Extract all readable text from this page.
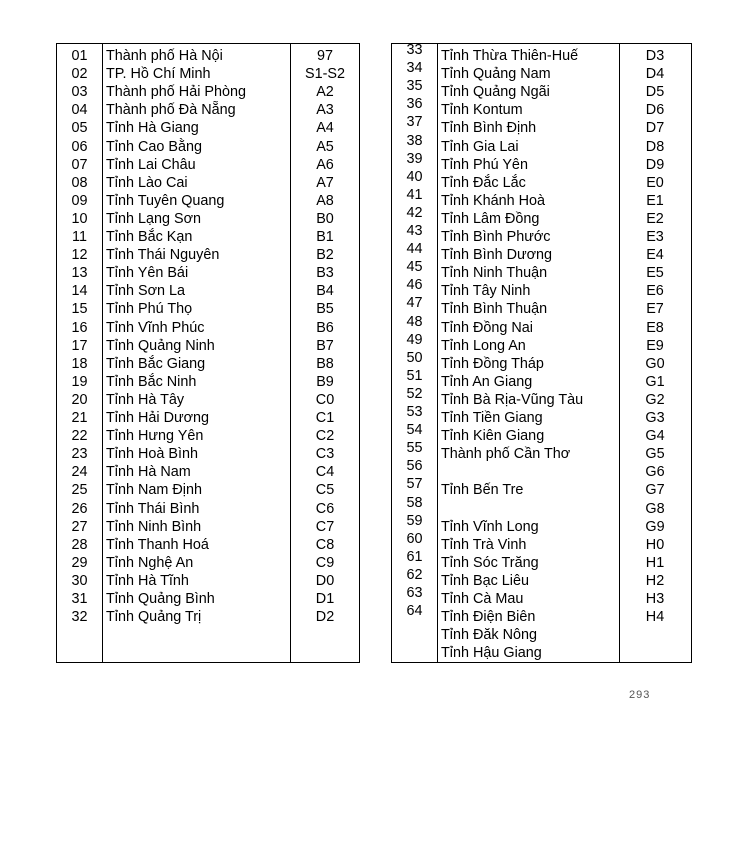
01
02
03
04
05
06
07
08
09
10
11
12
13
14
15
16
17
18
19
20
21
22
23
24
25
26
27
28
29
30
31
32
Thành phố Hà Nội
TP. Hồ Chí Minh
Thành phố Hải Phòng
Thành phố Đà Nẵng
Tỉnh Hà Giang
Tỉnh Cao Bằng
Tỉnh Lai Châu
Tỉnh Lào Cai
Tỉnh Tuyên Quang
Tỉnh Lạng Sơn
Tỉnh Bắc Kạn
Tỉnh Thái Nguyên
Tỉnh Yên Bái
Tỉnh Sơn La
Tỉnh Phú Thọ
Tỉnh Vĩnh Phúc
Tỉnh Quảng Ninh
Tỉnh Bắc Giang
Tỉnh Bắc Ninh
Tỉnh Hà Tây
Tỉnh Hải Dương
Tỉnh Hưng Yên
Tỉnh Hoà Bình
Tỉnh Hà Nam
Tỉnh Nam Định
Tỉnh Thái Bình
Tỉnh Ninh Bình
Tỉnh Thanh Hoá
Tỉnh Nghệ An
Tỉnh Hà Tĩnh
Tỉnh Quảng Bình
Tỉnh Quảng Trị
97
S1-S2
A2
A3
A4
A5
A6
A7
A8
B0
B1
B2
B3
B4
B5
B6
B7
B8
B9
C0
C1
C2
C3
C4
C5
C6
C7
C8
C9
D0
D1
D2
33
34
35
36
37
38
39
40
41
42
43
44
45
46
47
48
49
50
51
52
53
54
55
56
57
58
59
60
61
62
63
64
Tỉnh Thừa Thiên-Huế
Tỉnh Quảng Nam
Tỉnh Quảng Ngãi
Tỉnh Kontum
Tỉnh Bình Định
Tỉnh Gia Lai
Tỉnh Phú Yên
Tỉnh Đắc Lắc
Tỉnh Khánh Hoà
Tỉnh Lâm Đồng
Tỉnh Bình Phước
Tỉnh Bình Dương
Tỉnh Ninh Thuận
Tỉnh Tây Ninh
Tỉnh Bình Thuận
Tỉnh Đồng Nai
Tỉnh Long An
Tỉnh Đồng Tháp
Tỉnh An Giang
Tỉnh Bà Rịa-Vũng Tàu
Tỉnh Tiền Giang
Tỉnh Kiên Giang
Thành phố Cần Thơ
Tỉnh Bến Tre
Tỉnh Vĩnh Long
Tỉnh Trà Vinh
Tỉnh Sóc Trăng
Tỉnh Bạc Liêu
Tỉnh Cà Mau
Tỉnh Điện Biên
Tỉnh Đăk Nông
Tỉnh Hậu Giang
D3
D4
D5
D6
D7
D8
D9
E0
E1
E2
E3
E4
E5
E6
E7
E8
E9
G0
G1
G2
G3
G4
G5
G6
G7
G8
G9
H0
H1
H2
H3
H4
293
